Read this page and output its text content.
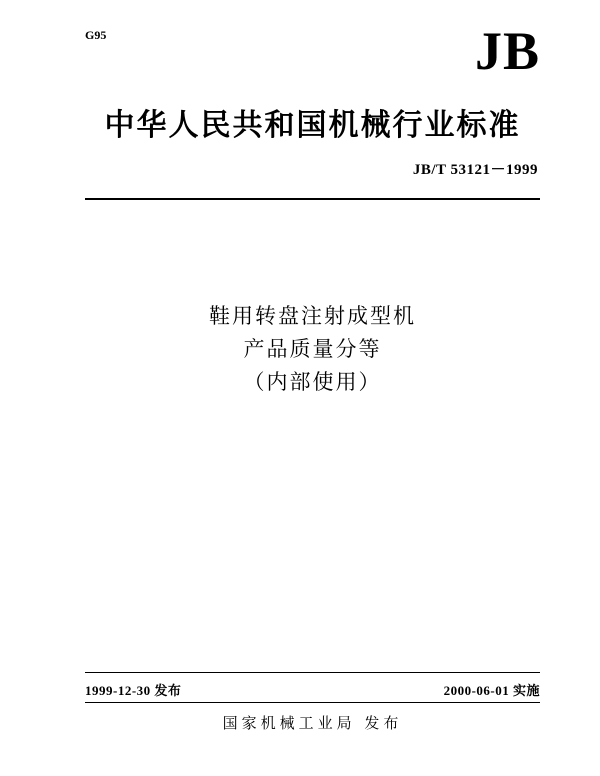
G95	JB
中华人民共和国机械行业标准
JB/T 53121－1999
鞋用转盘注射成型机
产品质量分等
（内部使用）
1999-12-30 发布	2000-06-01 实施
国家机械工业局 发布
